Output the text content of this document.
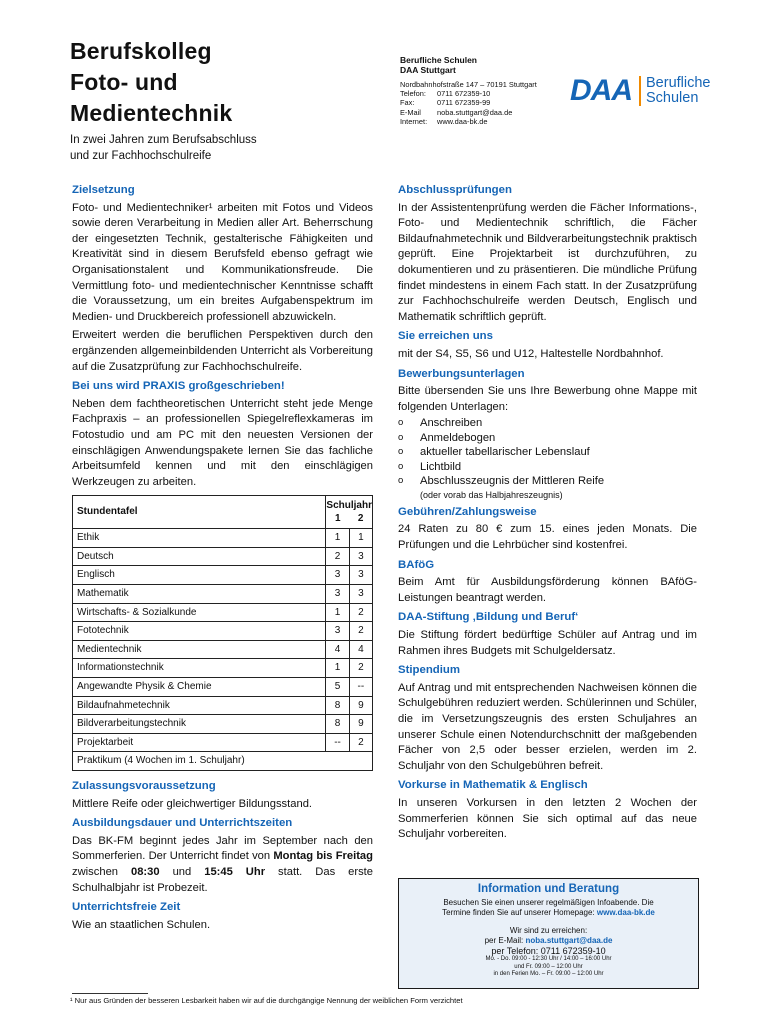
Berufskolleg
Foto- und
Medientechnik
In zwei Jahren zum Berufsabschluss
und zur Fachhochschulreife
Berufliche Schulen
DAA Stuttgart
Nordbahnhofstraße 147 – 70191 Stuttgart
Telefon:	0711 672359-10
Fax:	0711 672359-99
E-Mail	noba.stuttgart@daa.de
Internet:	www.daa-bk.de
DAA Berufliche
Schulen
Zielsetzung
Foto- und Medientechniker¹ arbeiten mit Fotos und Videos sowie deren Verarbeitung in Medien aller Art. Beherrschung der eingesetzten Technik, gestalterische Fähigkeiten und Kreativität sind in diesem Berufsfeld ebenso gefragt wie Organisationstalent und Kommunikationsfreude. Die Vermittlung foto- und medientechnischer Kenntnisse schafft die Voraussetzung, um ein breites Aufgabenspektrum im Medien- und Druckbereich professionell abzuwickeln.
Erweitert werden die beruflichen Perspektiven durch den ergänzenden allgemeinbildenden Unterricht als Vorbereitung auf die Zusatzprüfung zur Fachhochschulreife.
Bei uns wird PRAXIS großgeschrieben!
Neben dem fachtheoretischen Unterricht steht jede Menge Fachpraxis – an professionellen Spiegelreflexkameras im Fotostudio und am PC mit den neuesten Versionen der einschlägigen Anwendungspakete lernen Sie das fachliche Arbeitsumfeld kennen und mit den einschlägigen Werkzeugen zu arbeiten.
Stundentafel	Schuljahr
1 2	

Ethik	1	1
Deutsch	2	3
Englisch	3	3
Mathematik	3	3
Wirtschafts- & Sozialkunde	1	2
Fototechnik	3	2
Medientechnik	4	4
Informationstechnik	1	2
Angewandte Physik & Chemie	5	--
Bildaufnahmetechnik	8	9
Bildverarbeitungstechnik	8	9
Projektarbeit	--	2
Praktikum (4 Wochen im 1. Schuljahr)		
Zulassungsvoraussetzung
Mittlere Reife oder gleichwertiger Bildungsstand.
Ausbildungsdauer und Unterrichtszeiten
Das BK-FM beginnt jedes Jahr im September nach den Sommerferien. Der Unterricht findet von Montag bis Freitag zwischen 08:30 und 15:45 Uhr statt. Das erste Schulhalbjahr ist Probezeit.
Unterrichtsfreie Zeit
Wie an staatlichen Schulen.
Abschlussprüfungen
In der Assistentenprüfung werden die Fächer Informations-, Foto- und Medientechnik schriftlich, die Fächer Bildaufnahmetechnik und Bildverarbeitungstechnik praktisch geprüft. Eine Projektarbeit ist durchzuführen, zu dokumentieren und zu präsentieren. Die mündliche Prüfung findet mindestens in einem Fach statt. In der Zusatzprüfung zur Fachhochschulreife werden Deutsch, Englisch und Mathematik schriftlich geprüft.
Sie erreichen uns
mit der S4, S5, S6 und U12, Haltestelle Nordbahnhof.
Bewerbungsunterlagen
Bitte übersenden Sie uns Ihre Bewerbung ohne Mappe mit folgenden Unterlagen:
o Anschreiben
o Anmeldebogen
o aktueller tabellarischer Lebenslauf
o Lichtbild
o Abschlusszeugnis der Mittleren Reife
(oder vorab das Halbjahreszeugnis)
Gebühren/Zahlungsweise
24 Raten zu 80 € zum 15. eines jeden Monats. Die Prüfungen und die Lehrbücher sind kostenfrei.
BAföG
Beim Amt für Ausbildungsförderung können BAföG-Leistungen beantragt werden.
DAA-Stiftung ‚Bildung und Beruf‘
Die Stiftung fördert bedürftige Schüler auf Antrag und im Rahmen ihres Budgets mit Schulgeldersatz.
Stipendium
Auf Antrag und mit entsprechenden Nachweisen können die Schulgebühren reduziert werden. Schülerinnen und Schüler, die im Versetzungszeugnis des ersten Schuljahres an unserer Schule einen Notendurchschnitt der maßgebenden Fächer von 2,5 oder besser erzielen, werden im 2. Schuljahr von den Schulgebühren befreit.
Vorkurse in Mathematik & Englisch
In unseren Vorkursen in den letzten 2 Wochen der Sommerferien können Sie sich optimal auf das neue Schuljahr vorbereiten.
Information und Beratung
Besuchen Sie einen unserer regelmäßigen Infoabende. Die
Termine finden Sie auf unserer Homepage: www.daa-bk.de
Wir sind zu erreichen:
per E-Mail: noba.stuttgart@daa.de
per Telefon: 0711 672359-10
Mo. - Do. 09:00 - 12:30 Uhr / 14:00 – 16:00 Uhr
und Fr. 09:00 – 12:00 Uhr
in den Ferien Mo. – Fr. 09:00 – 12:00 Uhr
¹ Nur aus Gründen der besseren Lesbarkeit haben wir auf die durchgängige Nennung der weiblichen Form verzichtet
